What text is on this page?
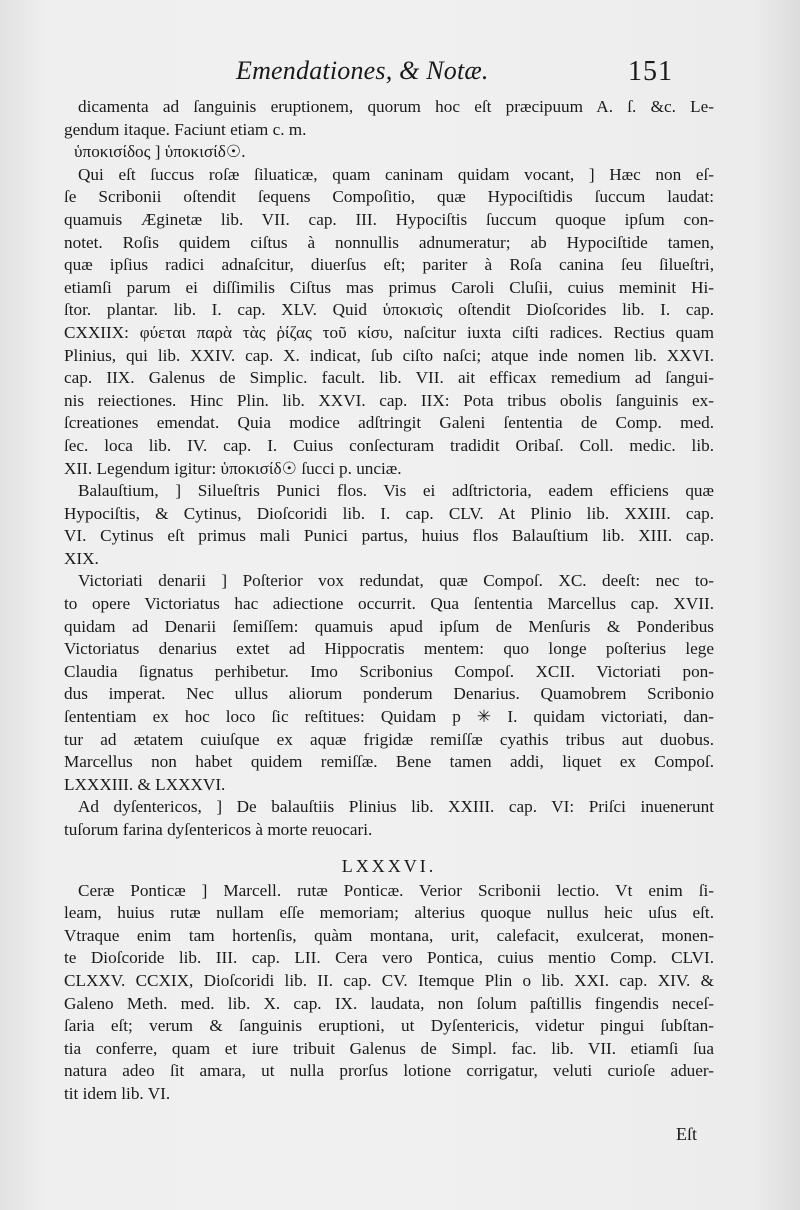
Emendationes, & Notæ.	151
dicamenta ad ſanguinis eruptionem, quorum hoc eſt præcipuum A. ſ. &c. Le-
gendum itaque. Faciunt etiam c. m.
ὑποκισίδος ] ὑποκισίδ☉.
Qui eſt ſuccus roſæ ſiluaticæ, quam caninam quidam vocant, ] Hæc non eſ-
ſe Scribonii oſtendit ſequens Compoſitio, quæ Hypociſtidis ſuccum laudat:
quamuis Æginetæ lib. VII. cap. III. Hypociſtis ſuccum quoque ipſum con-
notet. Roſis quidem ciſtus à nonnullis adnumeratur; ab Hypociſtide tamen,
quæ ipſius radici adnaſcitur, diuerſus eſt; pariter à Roſa canina ſeu ſilueſtri,
etiamſi parum ei diſſimilis Ciſtus mas primus Caroli Cluſii, cuius meminit Hi-
ſtor. plantar. lib. I. cap. XLV. Quid ὑποκισὶς oſtendit Dioſcorides lib. I. cap.
CXXIIX: φύεται παρὰ τὰς ῥίζας τοῦ κίσυ, naſcitur iuxta ciſti radices. Rectius quam
Plinius, qui lib. XXIV. cap. X. indicat, ſub ciſto naſci; atque inde nomen lib. XXVI.
cap. IIX. Galenus de Simplic. facult. lib. VII. ait efficax remedium ad ſangui-
nis reiectiones. Hinc Plin. lib. XXVI. cap. IIX: Pota tribus obolis ſanguinis ex-
ſcreationes emendat. Quia modice adſtringit Galeni ſententia de Comp. med.
ſec. loca lib. IV. cap. I. Cuius conſecturam tradidit Oribaſ. Coll. medic. lib.
XII. Legendum igitur: ὑποκισίδ☉ ſucci p. unciæ.
Balauſtium, ] Silueſtris Punici flos. Vis ei adſtrictoria, eadem efficiens quæ
Hypociſtis, & Cytinus, Dioſcoridi lib. I. cap. CLV. At Plinio lib. XXIII. cap.
VI. Cytinus eſt primus mali Punici partus, huius flos Balauſtium lib. XIII. cap.
XIX.
Victoriati denarii ] Poſterior vox redundat, quæ Compoſ. XC. deeſt: nec to-
to opere Victoriatus hac adiectione occurrit. Qua ſententia Marcellus cap. XVII.
quidam ad Denarii ſemiſſem: quamuis apud ipſum de Menſuris & Ponderibus
Victoriatus denarius extet ad Hippocratis mentem: quo longe poſterius lege
Claudia ſignatus perhibetur. Imo Scribonius Compoſ. XCII. Victoriati pon-
dus imperat. Nec ullus aliorum ponderum Denarius. Quamobrem Scribonio
ſententiam ex hoc loco ſic reſtitues: Quidam p ✳ I. quidam victoriati, dan-
tur ad ætatem cuiuſque ex aquæ frigidæ remiſſæ cyathis tribus aut duobus.
Marcellus non habet quidem remiſſæ. Bene tamen addi, liquet ex Compoſ.
LXXXIII. & LXXXVI.
Ad dyſentericos, ] De balauſtiis Plinius lib. XXIII. cap. VI: Priſci inuenerunt
tuſorum farina dyſentericos à morte reuocari.
LXXXVI.
Ceræ Ponticæ ] Marcell. rutæ Ponticæ. Verior Scribonii lectio. Vt enim ſi-
leam, huius rutæ nullam eſſe memoriam; alterius quoque nullus heic uſus eſt.
Vtraque enim tam hortenſis, quàm montana, urit, calefacit, exulcerat, monen-
te Dioſcoride lib. III. cap. LII. Cera vero Pontica, cuius mentio Comp. CLVI.
CLXXV. CCXIX, Dioſcoridi lib. II. cap. CV. Itemque Plin o lib. XXI. cap. XIV. &
Galeno Meth. med. lib. X. cap. IX. laudata, non ſolum paſtillis fingendis neceſ-
ſaria eſt; verum & ſanguinis eruptioni, ut Dyſentericis, videtur pingui ſubſtan-
tia conferre, quam et iure tribuit Galenus de Simpl. fac. lib. VII. etiamſi ſua
natura adeo ſit amara, ut nulla prorſus lotione corrigatur, veluti curioſe aduer-
tit idem lib. VI.
Eſt
